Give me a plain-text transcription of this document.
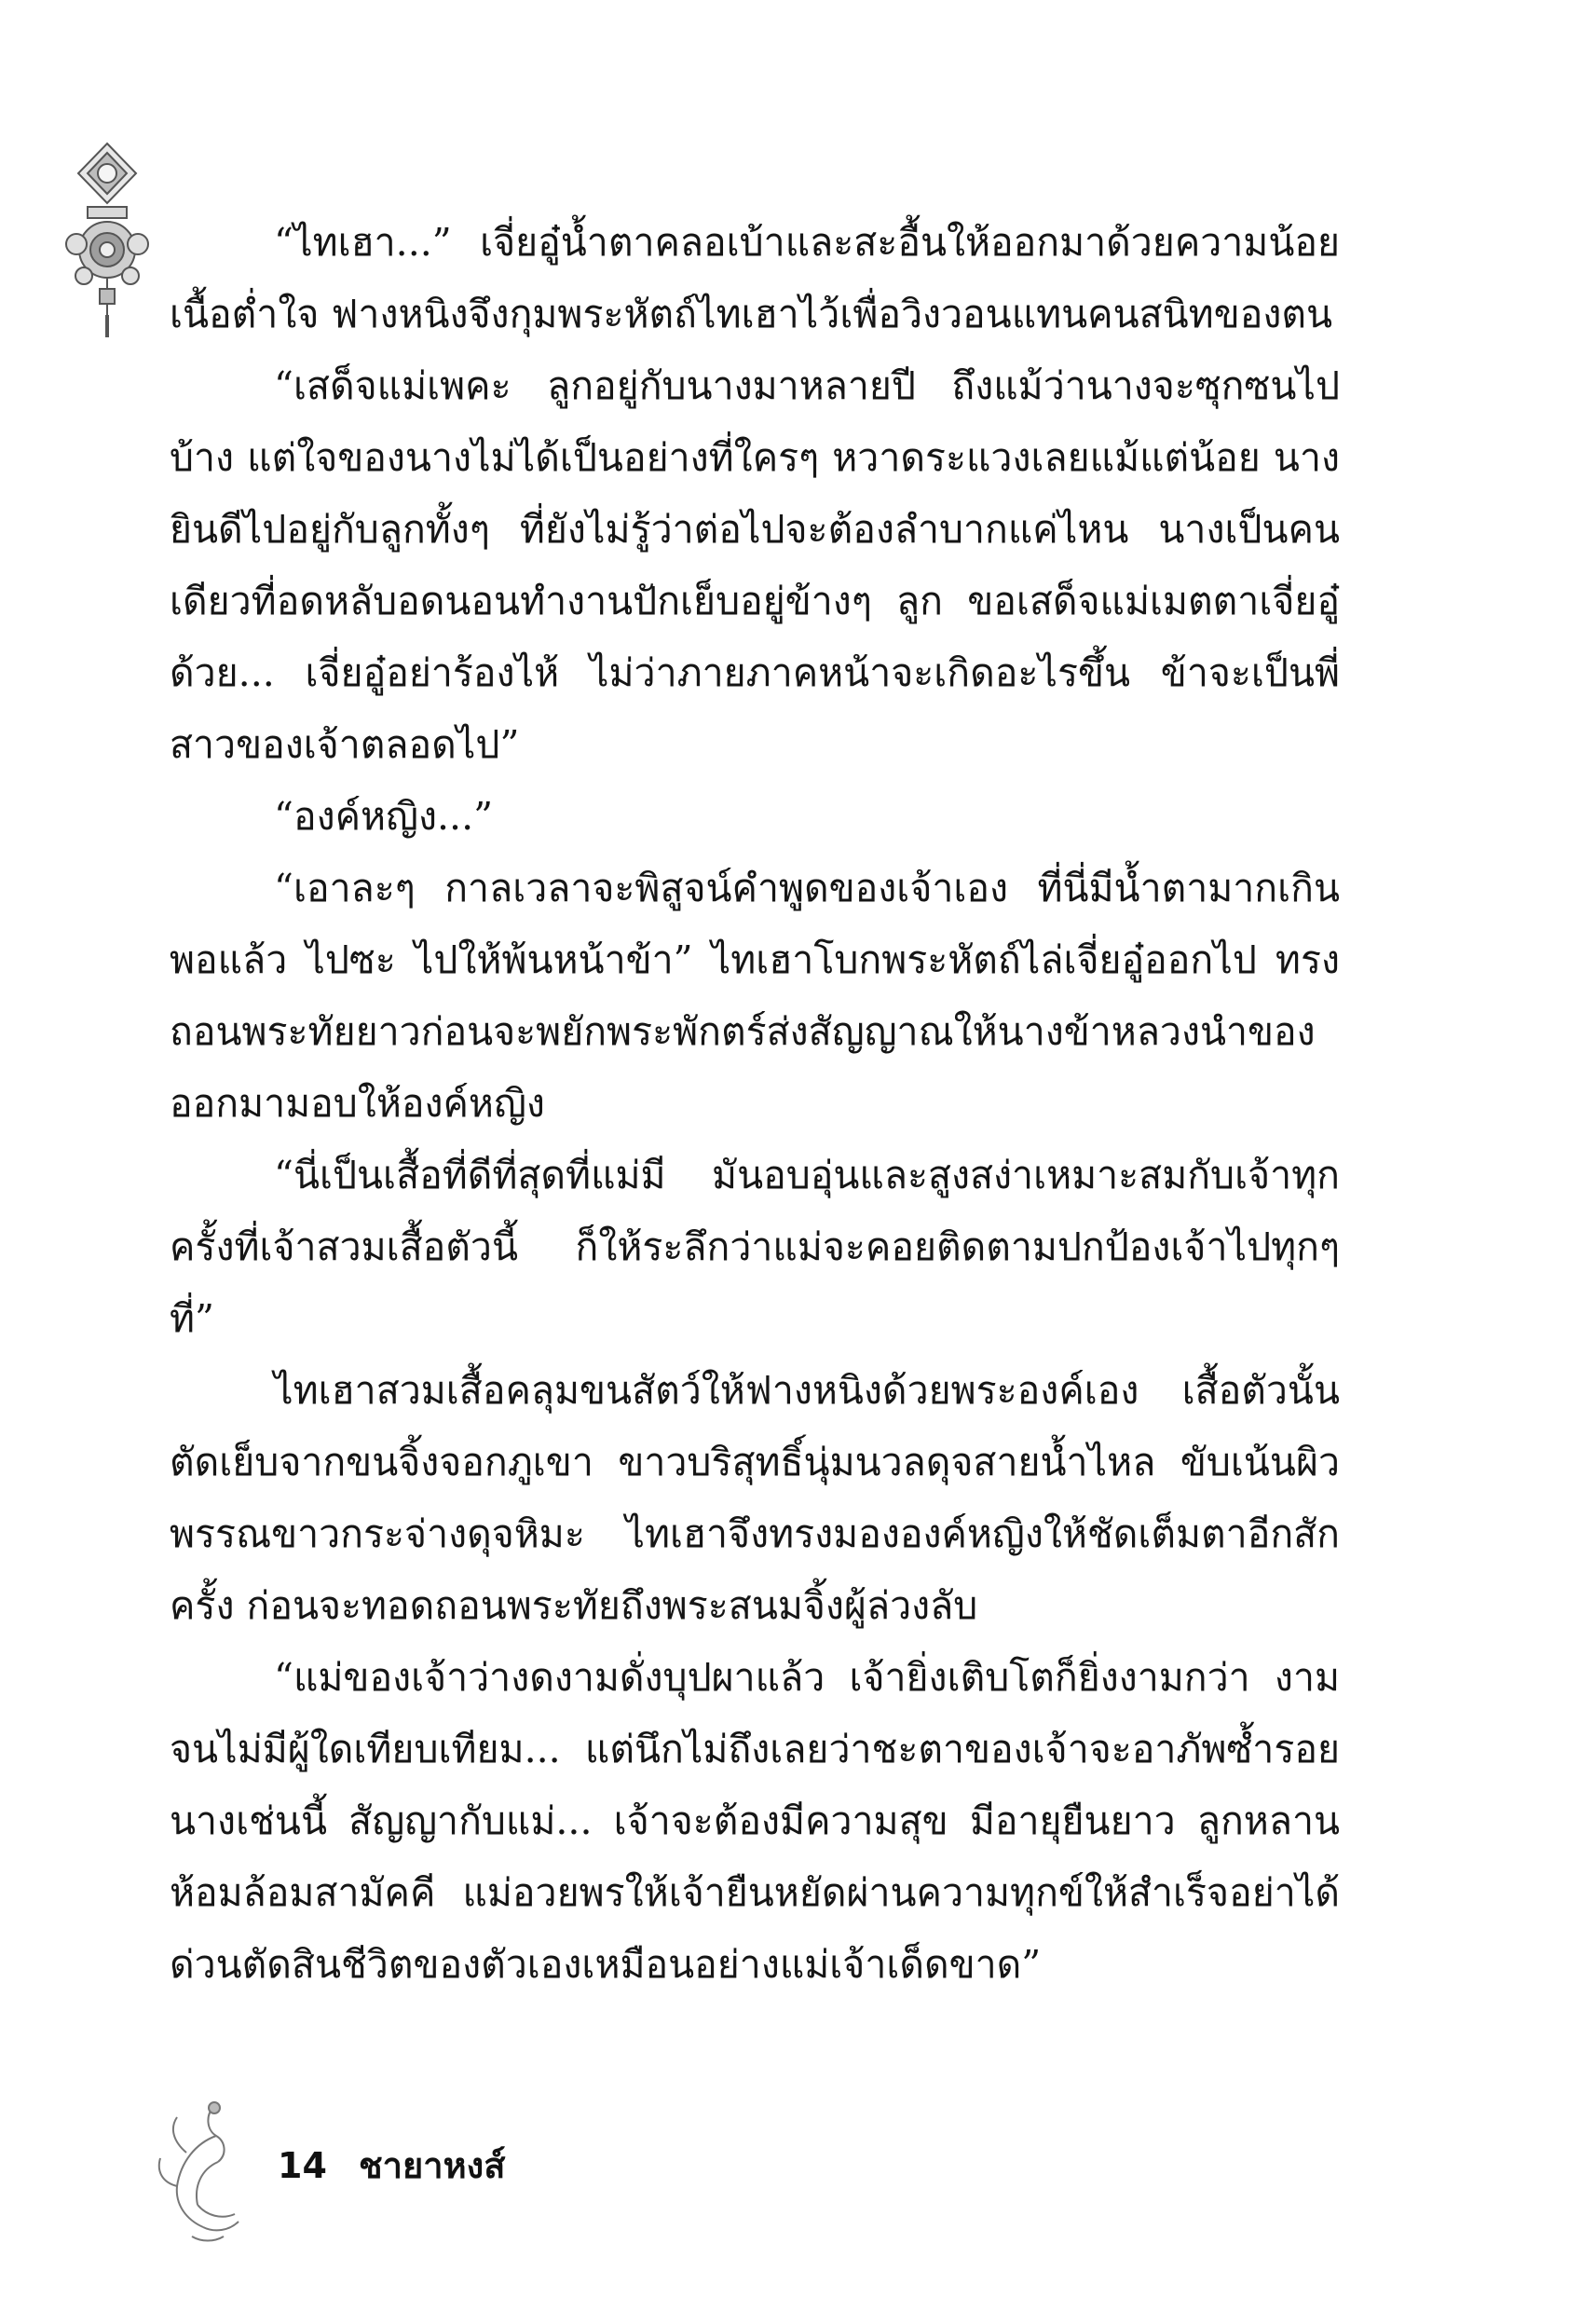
“ไทเฮา...” เจี่ยอู๋น้ำตาคลอเบ้าและสะอื้นให้ออกมาด้วยความน้อยเนื้อต่ำใจ ฟางหนิงจึงกุมพระหัตถ์ไทเฮาไว้เพื่อวิงวอนแทนคนสนิทของตน

“เสด็จแม่เพคะ ลูกอยู่กับนางมาหลายปี ถึงแม้ว่านางจะซุกซนไปบ้าง แต่ใจของนางไม่ได้เป็นอย่างที่ใครๆ หวาดระแวงเลยแม้แต่น้อย นางยินดีไปอยู่กับลูกทั้งๆ ที่ยังไม่รู้ว่าต่อไปจะต้องลำบากแค่ไหน นางเป็นคนเดียวที่อดหลับอดนอนทำงานปักเย็บอยู่ข้างๆ ลูก ขอเสด็จแม่เมตตาเจี่ยอู๋ด้วย... เจี่ยอู๋อย่าร้องไห้ ไม่ว่าภายภาคหน้าจะเกิดอะไรขึ้น ข้าจะเป็นพี่สาวของเจ้าตลอดไป”

“องค์หญิง...”

“เอาละๆ กาลเวลาจะพิสูจน์คำพูดของเจ้าเอง ที่นี่มีน้ำตามากเกินพอแล้ว ไปซะ ไปให้พ้นหน้าข้า” ไทเฮาโบกพระหัตถ์ไล่เจี่ยอู๋ออกไป ทรงถอนพระทัยยาวก่อนจะพยักพระพักตร์ส่งสัญญาณให้นางข้าหลวงนำของออกมามอบให้องค์หญิง

“นี่เป็นเสื้อที่ดีที่สุดที่แม่มี มันอบอุ่นและสูงสง่าเหมาะสมกับเจ้าทุกครั้งที่เจ้าสวมเสื้อตัวนี้ ก็ให้ระลึกว่าแม่จะคอยติดตามปกป้องเจ้าไปทุกๆ ที่”

ไทเฮาสวมเสื้อคลุมขนสัตว์ให้ฟางหนิงด้วยพระองค์เอง เสื้อตัวนั้นตัดเย็บจากขนจิ้งจอกภูเขา ขาวบริสุทธิ์นุ่มนวลดุจสายน้ำไหล ขับเน้นผิวพรรณขาวกระจ่างดุจหิมะ ไทเฮาจึงทรงมององค์หญิงให้ชัดเต็มตาอีกสักครั้ง ก่อนจะทอดถอนพระทัยถึงพระสนมจิ้งผู้ล่วงลับ

“แม่ของเจ้าว่างดงามดั่งบุปผาแล้ว เจ้ายิ่งเติบโตก็ยิ่งงามกว่า งามจนไม่มีผู้ใดเทียบเทียม... แต่นึกไม่ถึงเลยว่าชะตาของเจ้าจะอาภัพซ้ำรอยนางเช่นนี้ สัญญากับแม่... เจ้าจะต้องมีความสุข มีอายุยืนยาว ลูกหลานห้อมล้อมสามัคคี แม่อวยพรให้เจ้ายืนหยัดผ่านความทุกข์ให้สำเร็จอย่าได้ด่วนตัดสินชีวิตของตัวเองเหมือนอย่างแม่เจ้าเด็ดขาด”

14 ชายาหงส์
